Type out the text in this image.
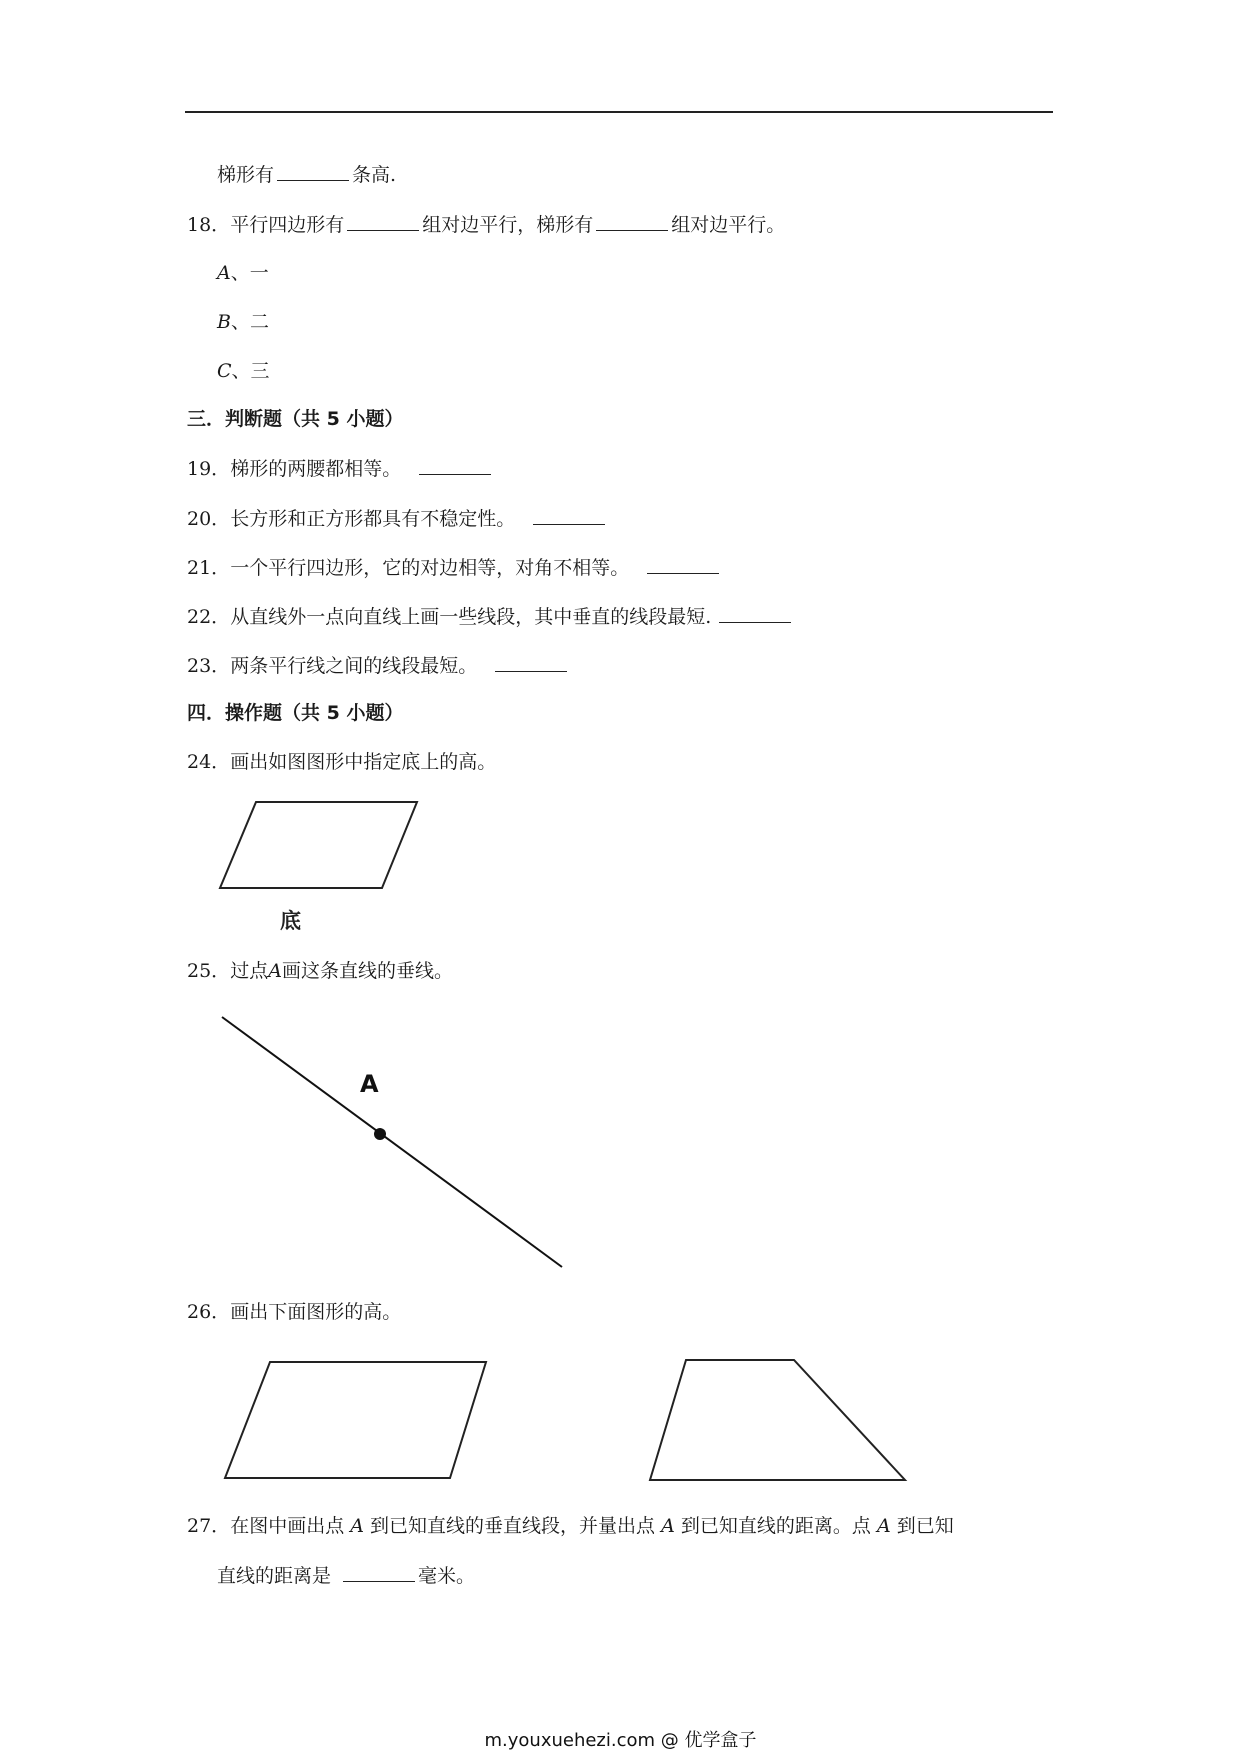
梯形有	条高.
18．平行四边形有	组对边平行，梯形有	组对边平行。
A、一
B、二
C、三
三．判断题（共 5 小题）
19．梯形的两腰都相等。
20．长方形和正方形都具有不稳定性。
21．一个平行四边形，它的对边相等，对角不相等。
22．从直线外一点向直线上画一些线段，其中垂直的线段最短.
23．两条平行线之间的线段最短。
四．操作题（共 5 小题）
24．画出如图图形中指定底上的高。
底
25．过点A画这条直线的垂线。
A
26．画出下面图形的高。
27．在图中画出点 A 到已知直线的垂直线段，并量出点 A 到已知直线的距离。点 A 到已知
直线的距离是	毫米。
m.youxuehezi.com @ 优学盒子
